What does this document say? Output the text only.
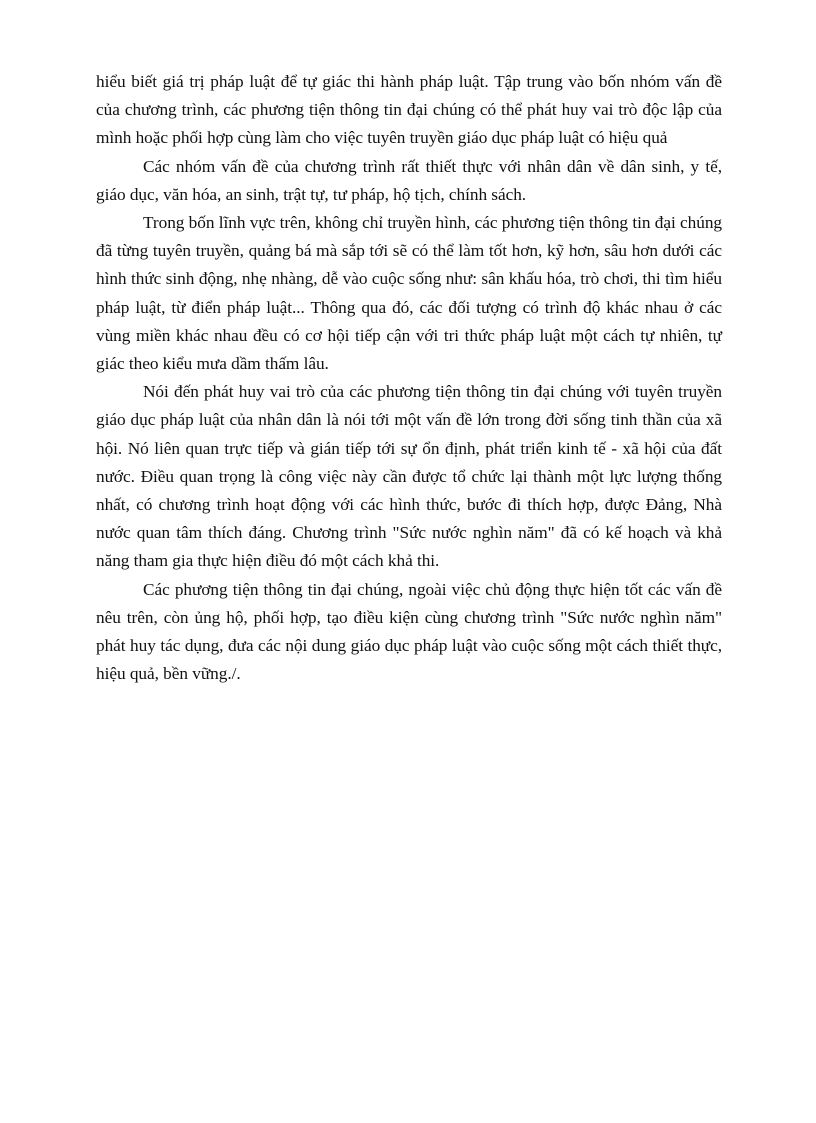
hiểu biết giá trị pháp luật để tự giác thi hành pháp luật. Tập trung vào bốn nhóm vấn đề của chương trình, các phương tiện thông tin đại chúng có thể phát huy vai trò độc lập của mình hoặc phối hợp cùng làm cho việc tuyên truyền giáo dục pháp luật có hiệu quả

Các nhóm vấn đề của chương trình rất thiết thực với nhân dân về dân sinh, y tế, giáo dục, văn hóa, an sinh, trật tự, tư pháp, hộ tịch, chính sách.

Trong bốn lĩnh vực trên, không chỉ truyền hình, các phương tiện thông tin đại chúng đã từng tuyên truyền, quảng bá mà sắp tới sẽ có thể làm tốt hơn, kỹ hơn, sâu hơn dưới các hình thức sinh động, nhẹ nhàng, dễ vào cuộc sống như: sân khấu hóa, trò chơi, thi tìm hiểu pháp luật, từ điển pháp luật... Thông qua đó, các đối tượng có trình độ khác nhau ở các vùng miền khác nhau đều có cơ hội tiếp cận với tri thức pháp luật một cách tự nhiên, tự giác theo kiểu mưa dầm thấm lâu.

Nói đến phát huy vai trò của các phương tiện thông tin đại chúng với tuyên truyền giáo dục pháp luật của nhân dân là nói tới một vấn đề lớn trong đời sống tinh thần của xã hội. Nó liên quan trực tiếp và gián tiếp tới sự ổn định, phát triển kinh tế - xã hội của đất nước. Điều quan trọng là công việc này cần được tổ chức lại thành một lực lượng thống nhất, có chương trình hoạt động với các hình thức, bước đi thích hợp, được Đảng, Nhà nước quan tâm thích đáng. Chương trình "Sức nước nghìn năm" đã có kế hoạch và khả năng tham gia thực hiện điều đó một cách khả thi.

Các phương tiện thông tin đại chúng, ngoài việc chủ động thực hiện tốt các vấn đề nêu trên, còn ủng hộ, phối hợp, tạo điều kiện cùng chương trình "Sức nước nghìn năm" phát huy tác dụng, đưa các nội dung giáo dục pháp luật vào cuộc sống một cách thiết thực, hiệu quả, bền vững./.
